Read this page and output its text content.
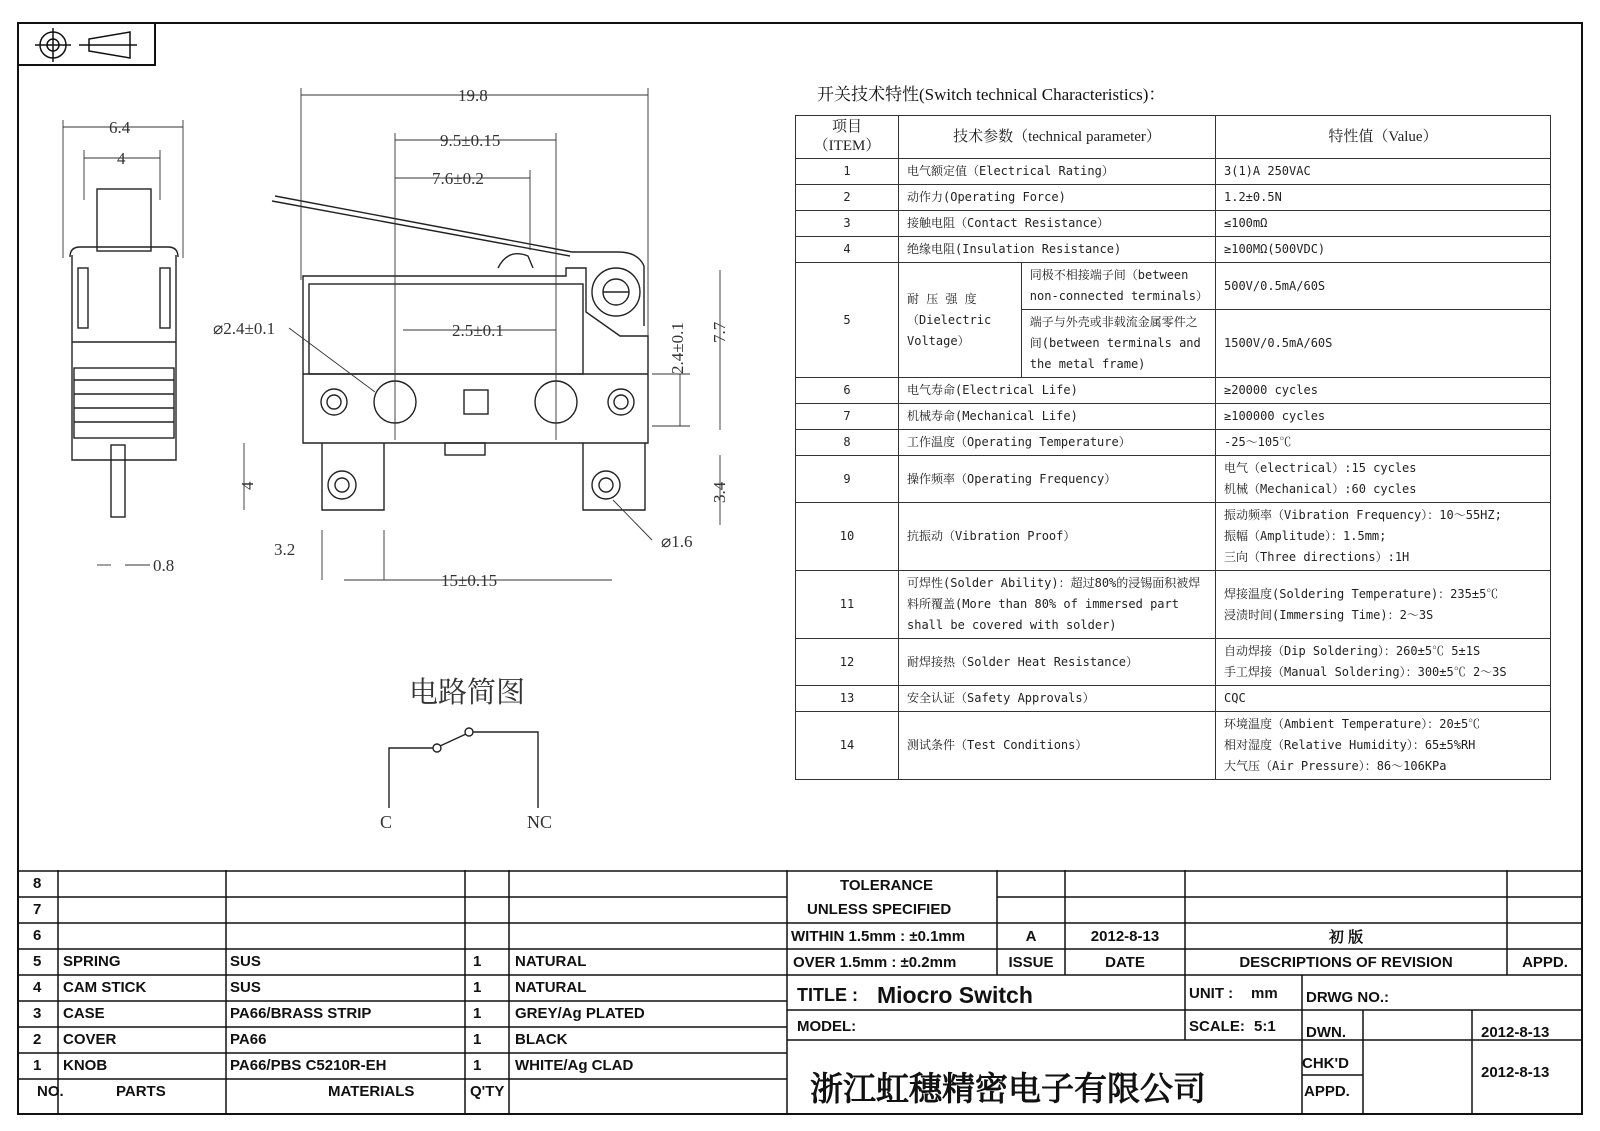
6.4
4
0.8
19.8
9.5±0.15
7.6±0.2
⌀2.4±0.1	2.5±0.1	2.4±0.1 7.7
4
3.2
3.4
⌀1.6
15±0.15
电路简图
C	NC
开关技术特性(Switch technical Characteristics)：
项目
（ITEM）	技术参数（technical parameter）		特性值（Value）
1	电气额定值（Electrical Rating）		3(1)A 250VAC
2	动作力(Operating Force)		1.2±0.5N
3	接触电阻（Contact Resistance）		≤100mΩ
4	绝缘电阻(Insulation Resistance)		≥100MΩ(500VDC)
5	耐 压 强 度
（Dielectric
Voltage）	同极不相接端子间（between non-connected terminals）	500V/0.5mA/60S
		端子与外壳或非载流金属零件之间(between terminals and the metal frame)	1500V/0.5mA/60S
6	电气寿命(Electrical Life)		≥20000 cycles
7	机械寿命(Mechanical Life)		≥100000 cycles
8	工作温度（Operating Temperature）		-25～105℃
9	操作频率（Operating Frequency）		电气（electrical）:15 cycles
机械（Mechanical）:60 cycles
10	抗振动（Vibration Proof）		振动频率（Vibration Frequency）：10～55HZ;
振幅（Amplitude）：1.5mm;
三向（Three directions）:1H
11	可焊性(Solder Ability)：超过80%的浸锡面积被焊料所覆盖(More than 80% of immersed part shall be covered with solder)		焊接温度(Soldering Temperature)：235±5℃
浸渍时间(Immersing Time)：2～3S
12	耐焊接热（Solder Heat Resistance）		自动焊接（Dip Soldering）：260±5℃ 5±1S
手工焊接（Manual Soldering）：300±5℃ 2～3S
13	安全认证（Safety Approvals）		CQC
14	测试条件（Test Conditions）		环境温度（Ambient Temperature）：20±5℃
相对湿度（Relative Humidity）：65±5%RH
大气压（Air Pressure）：86～106KPa
8
7
6
5 SPRING	SUS	1 NATURAL
4 CAM STICK	SUS	1 NATURAL
3 CASE	PA66/BRASS STRIP	1 GREY/Ag PLATED
2 COVER	PA66	1 BLACK
1 KNOB	PA66/PBS C5210R-EH	1 WHITE/Ag CLAD
NO.	PARTS	MATERIALS	Q'TY
TOLERANCE
UNLESS SPECIFIED
WITHIN 1.5mm : ±0.1mm
OVER 1.5mm : ±0.2mm
A	2012-8-13	初 版
ISSUE	DATE	DESCRIPTIONS OF REVISION	APPD.
TITLE : Miocro Switch	UNIT : mm DRWG NO.:
MODEL:	SCALE: 5:1 DWN.	2012-8-13
CHK'D
2012-8-13
APPD.
浙江虹穗精密电子有限公司
